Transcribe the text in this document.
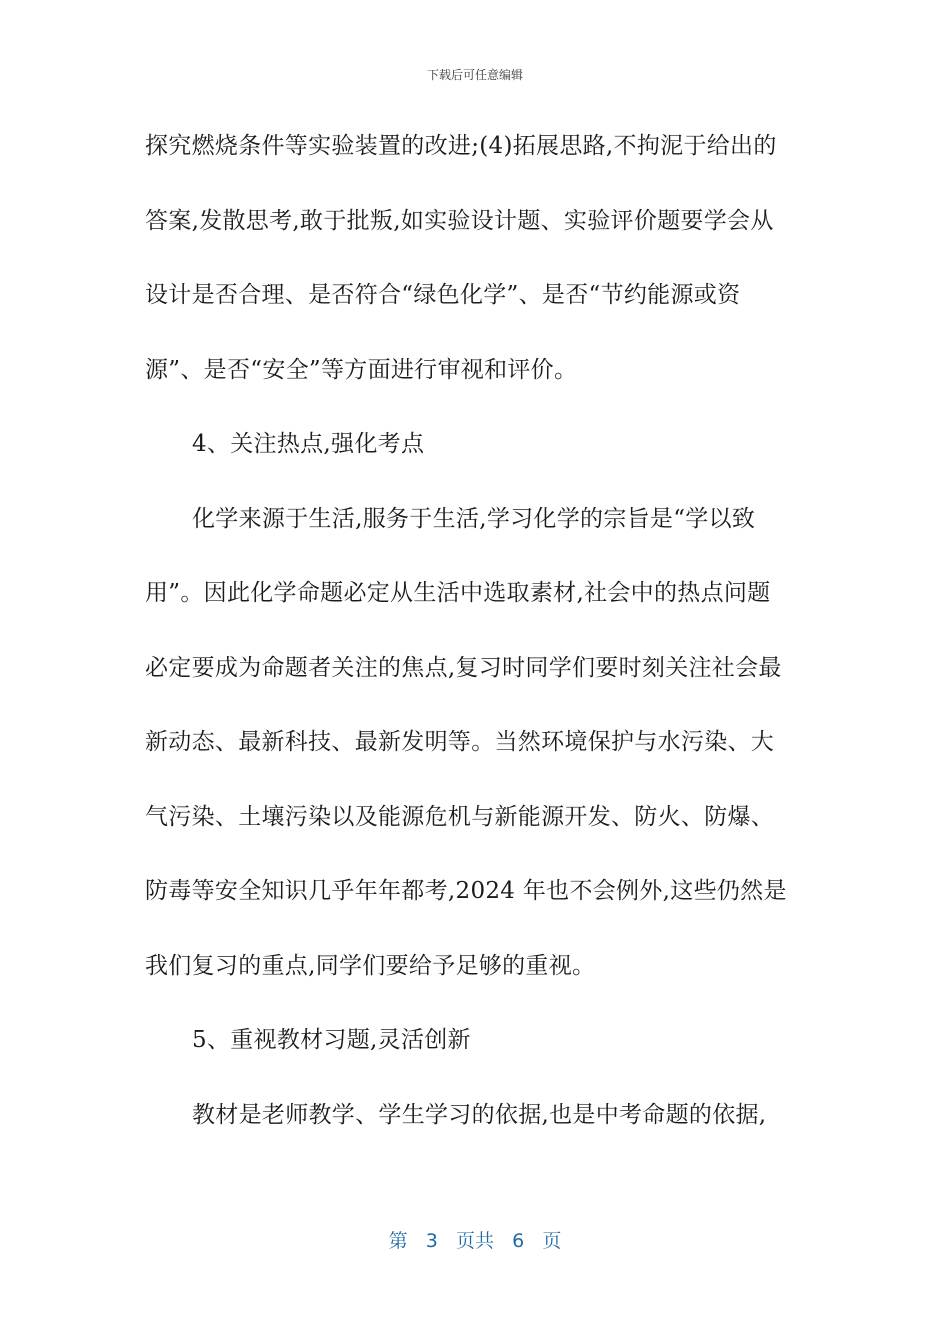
下载后可任意编辑
探究燃烧条件等实验装置的改进;(4)拓展思路,不拘泥于给出的
答案,发散思考,敢于批叛,如实验设计题、实验评价题要学会从
设计是否合理、是否符合“绿色化学”、是否“节约能源或资
源”、是否“安全”等方面进行审视和评价。
4、关注热点,强化考点
化学来源于生活,服务于生活,学习化学的宗旨是“学以致
用”。因此化学命题必定从生活中选取素材,社会中的热点问题
必定要成为命题者关注的焦点,复习时同学们要时刻关注社会最
新动态、最新科技、最新发明等。当然环境保护与水污染、大
气污染、土壤污染以及能源危机与新能源开发、防火、防爆、
防毒等安全知识几乎年年都考,2024 年也不会例外,这些仍然是
我们复习的重点,同学们要给予足够的重视。
5、重视教材习题,灵活创新
教材是老师教学、学生学习的依据,也是中考命题的依据,
第 3 页共 6 页
